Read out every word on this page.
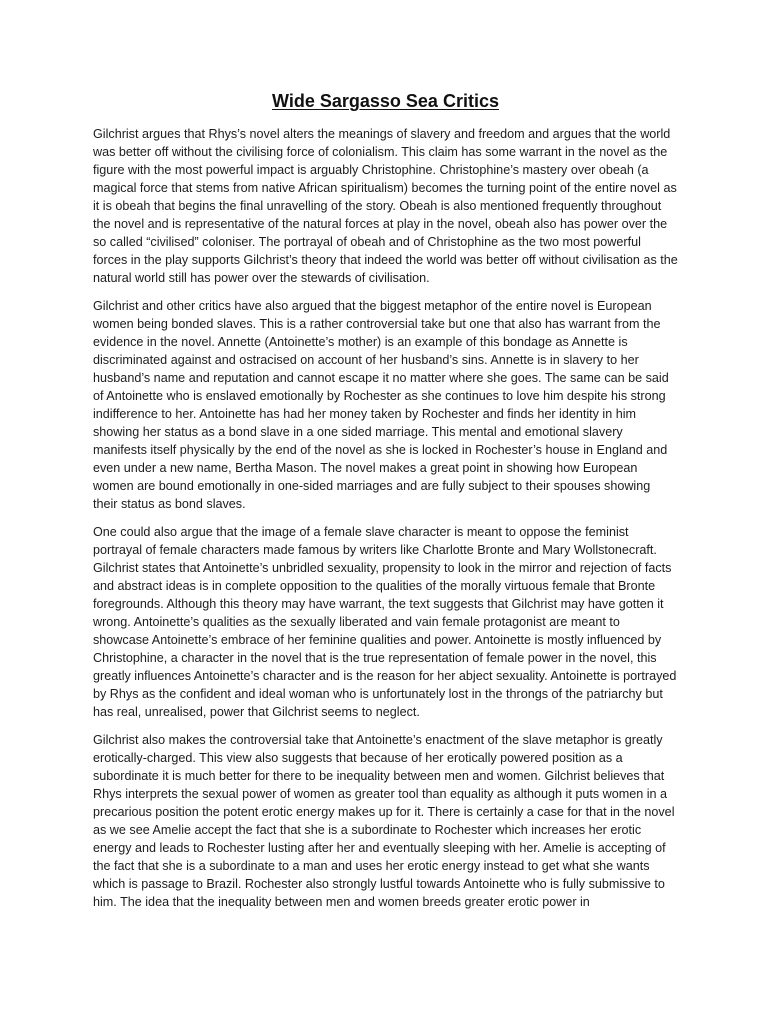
Wide Sargasso Sea Critics

Gilchrist argues that Rhys’s novel alters the meanings of slavery and freedom and argues that the world was better off without the civilising force of colonialism. This claim has some warrant in the novel as the figure with the most powerful impact is arguably Christophine. Christophine’s mastery over obeah (a magical force that stems from native African spiritualism) becomes the turning point of the entire novel as it is obeah that begins the final unravelling of the story. Obeah is also mentioned frequently throughout the novel and is representative of the natural forces at play in the novel, obeah also has power over the so called “civilised” coloniser. The portrayal of obeah and of Christophine as the two most powerful forces in the play supports Gilchrist’s theory that indeed the world was better off without civilisation as the natural world still has power over the stewards of civilisation.

Gilchrist and other critics have also argued that the biggest metaphor of the entire novel is European women being bonded slaves. This is a rather controversial take but one that also has warrant from the evidence in the novel. Annette (Antoinette’s mother) is an example of this bondage as Annette is discriminated against and ostracised on account of her husband’s sins. Annette is in slavery to her husband’s name and reputation and cannot escape it no matter where she goes. The same can be said of Antoinette who is enslaved emotionally by Rochester as she continues to love him despite his strong indifference to her. Antoinette has had her money taken by Rochester and finds her identity in him showing her status as a bond slave in a one sided marriage. This mental and emotional slavery manifests itself physically by the end of the novel as she is locked in Rochester’s house in England and even under a new name, Bertha Mason. The novel makes a great point in showing how European women are bound emotionally in one-sided marriages and are fully subject to their spouses showing their status as bond slaves.

One could also argue that the image of a female slave character is meant to oppose the feminist portrayal of female characters made famous by writers like Charlotte Bronte and Mary Wollstonecraft. Gilchrist states that Antoinette’s unbridled sexuality, propensity to look in the mirror and rejection of facts and abstract ideas is in complete opposition to the qualities of the morally virtuous female that Bronte foregrounds. Although this theory may have warrant, the text suggests that Gilchrist may have gotten it wrong. Antoinette’s qualities as the sexually liberated and vain female protagonist are meant to showcase Antoinette’s embrace of her feminine qualities and power. Antoinette is mostly influenced by Christophine, a character in the novel that is the true representation of female power in the novel, this greatly influences Antoinette’s character and is the reason for her abject sexuality. Antoinette is portrayed by Rhys as the confident and ideal woman who is unfortunately lost in the throngs of the patriarchy but has real, unrealised, power that Gilchrist seems to neglect.

Gilchrist also makes the controversial take that Antoinette’s enactment of the slave metaphor is greatly erotically-charged. This view also suggests that because of her erotically powered position as a subordinate it is much better for there to be inequality between men and women. Gilchrist believes that Rhys interprets the sexual power of women as greater tool than equality as although it puts women in a precarious position the potent erotic energy makes up for it. There is certainly a case for that in the novel as we see Amelie accept the fact that she is a subordinate to Rochester which increases her erotic energy and leads to Rochester lusting after her and eventually sleeping with her. Amelie is accepting of the fact that she is a subordinate to a man and uses her erotic energy instead to get what she wants which is passage to Brazil. Rochester also strongly lustful towards Antoinette who is fully submissive to him. The idea that the inequality between men and women breeds greater erotic power in
